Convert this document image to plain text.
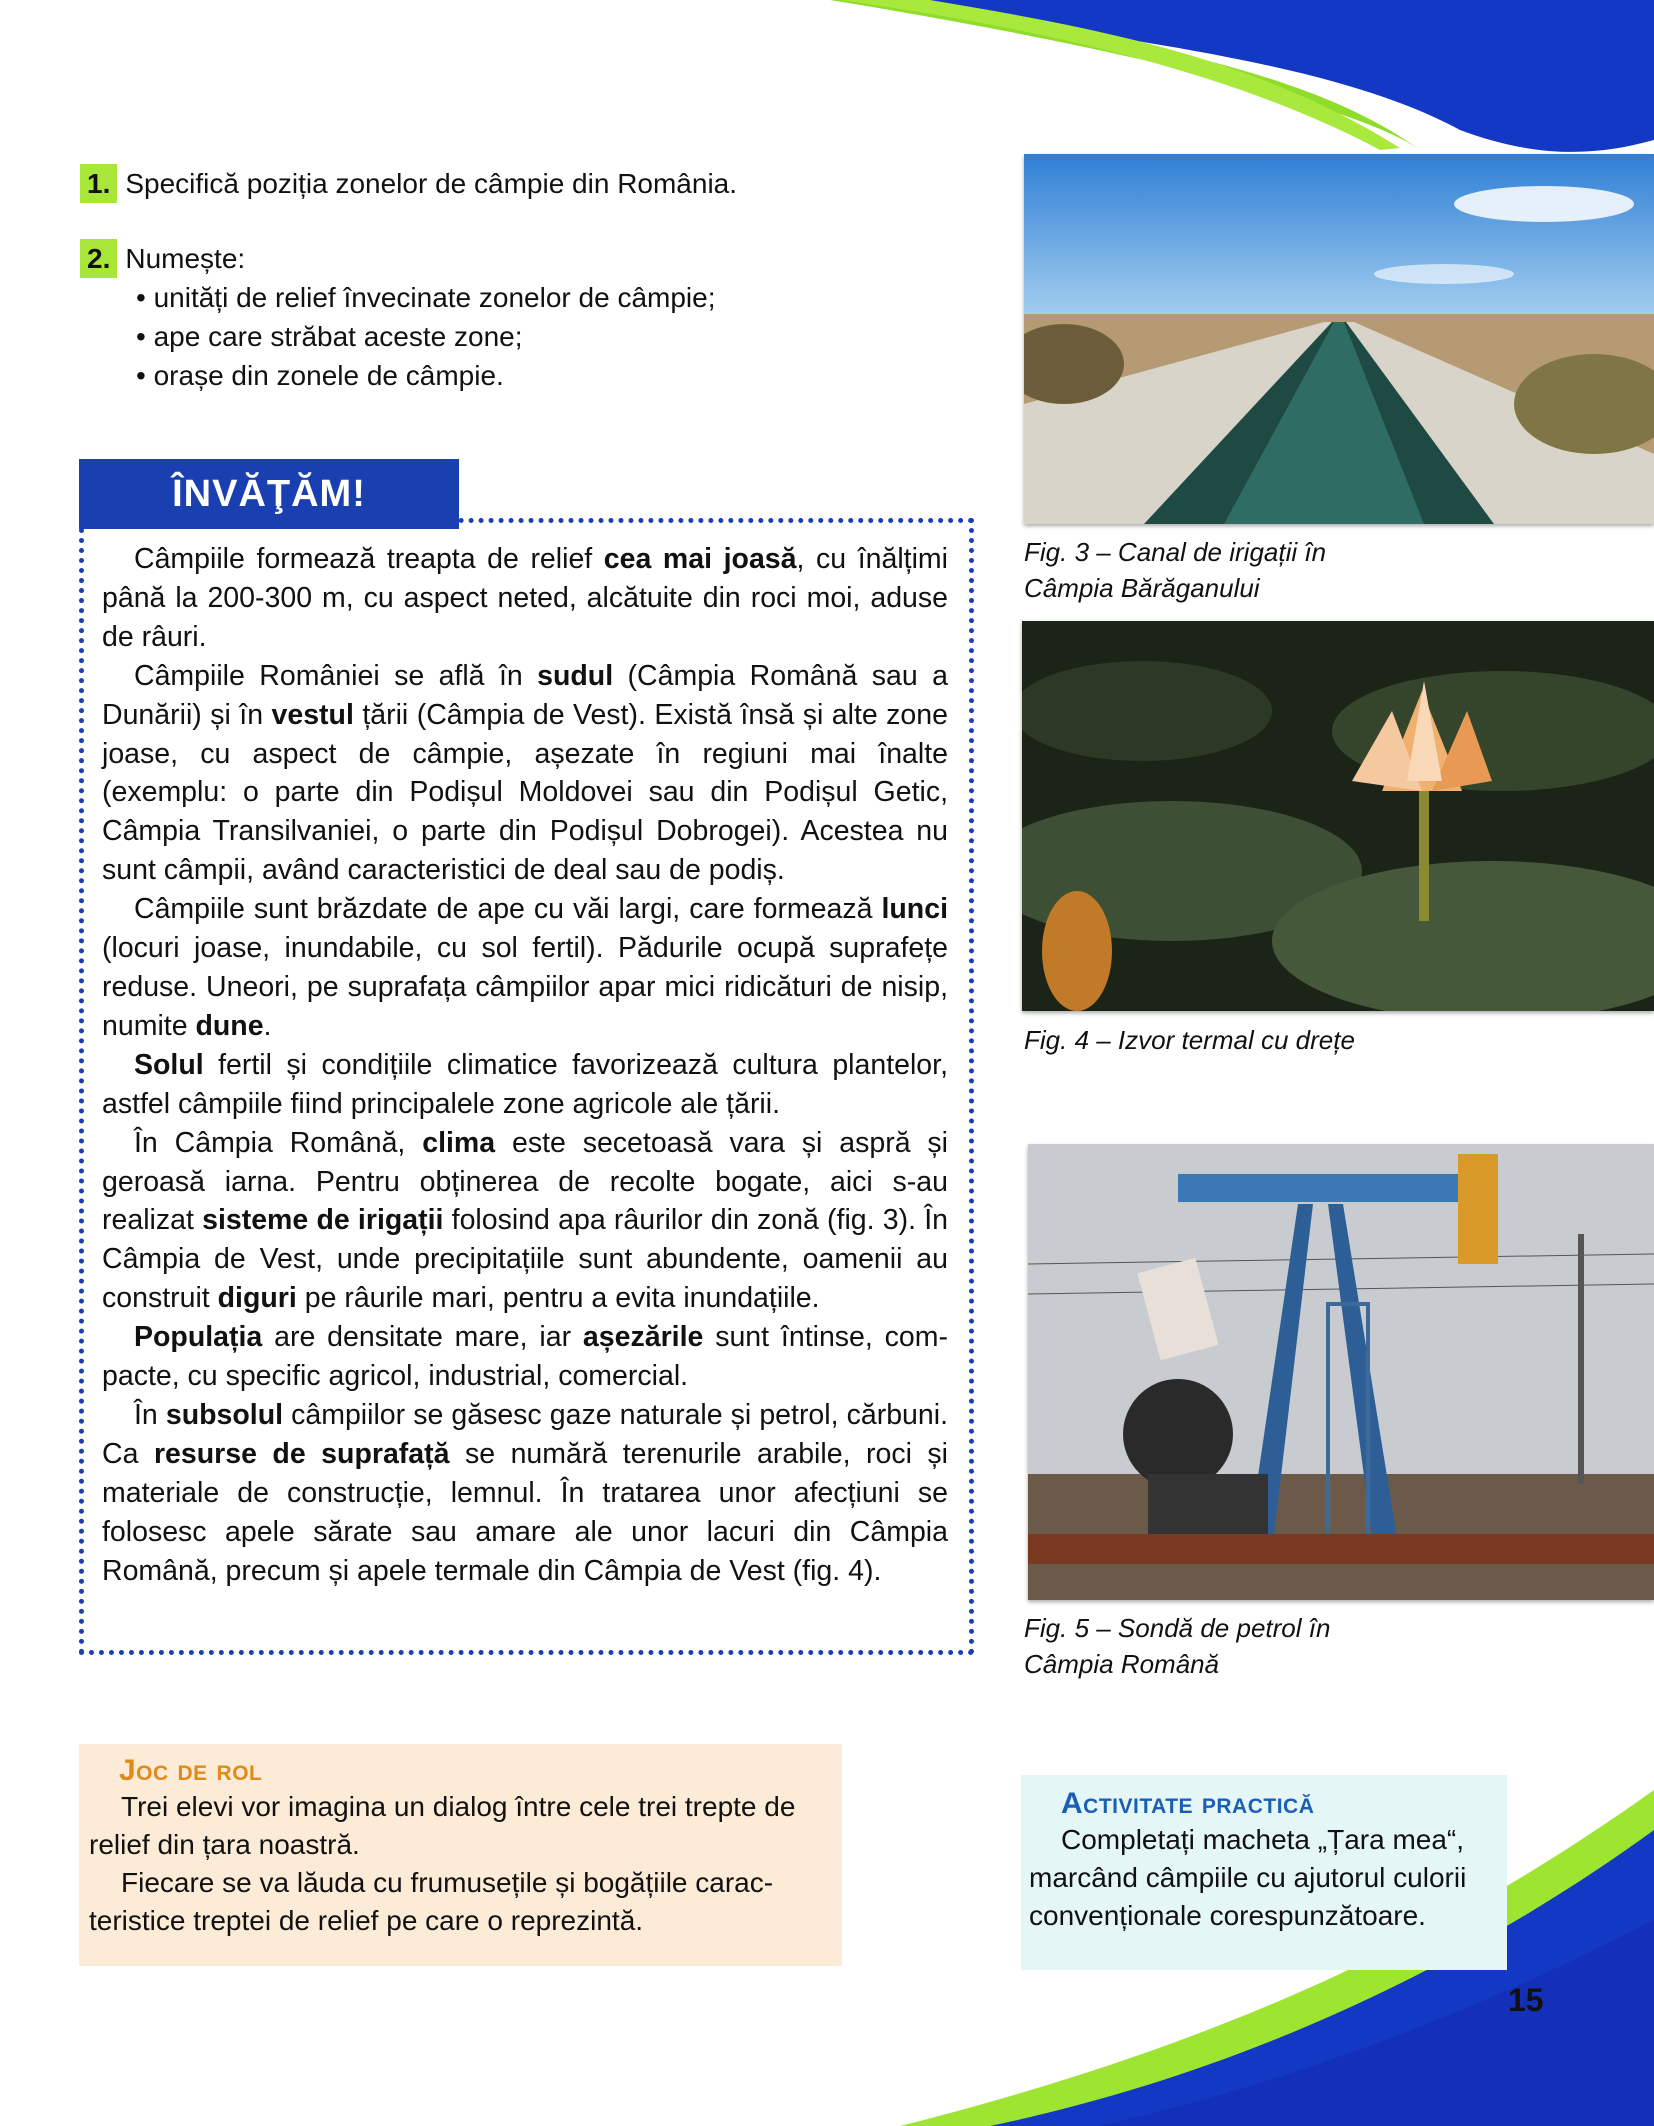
1. Specifică poziția zonelor de câmpie din România.
2. Numește:
• unități de relief învecinate zonelor de câmpie;
• ape care străbat aceste zone;
• orașe din zonele de câmpie.
ÎNVĂŢĂM!

Câmpiile formează treapta de relief cea mai joasă, cu înălțimi până la 200-300 m, cu aspect neted, alcătuite din roci moi, aduse de râuri.

Câmpiile României se află în sudul (Câmpia Română sau a Dunării) și în vestul țării (Câmpia de Vest). Există însă și alte zone joase, cu aspect de câmpie, așezate în regiuni mai înalte (exemplu: o parte din Podișul Moldovei sau din Podișul Getic, Câmpia Transilvaniei, o parte din Podișul Dobrogei). Acestea nu sunt câmpii, având caracteristici de deal sau de podiș.

Câmpiile sunt brăzdate de ape cu văi largi, care formează lunci (locuri joase, inundabile, cu sol fertil). Pădurile ocupă suprafețe reduse. Uneori, pe suprafața câmpiilor apar mici ridicături de nisip, numite dune.

Solul fertil și condițiile climatice favorizează cultura plantelor, astfel câmpiile fiind principalele zone agricole ale țării.

În Câmpia Română, clima este secetoasă vara și aspră și geroasă iarna. Pentru obținerea de recolte bogate, aici s-au realizat sisteme de irigații folosind apa râurilor din zonă (fig. 3). În Câmpia de Vest, unde precipitațiile sunt abundente, oamenii au construit diguri pe râurile mari, pentru a evita inundațiile.

Populația are densitate mare, iar așezările sunt întinse, com-pacte, cu specific agricol, industrial, comercial.

În subsolul câmpiilor se găsesc gaze naturale și petrol, cărbuni. Ca resurse de suprafață se numără terenurile arabile, roci și materiale de construcție, lemnul. În tratarea unor afecțiuni se folosesc apele sărate sau amare ale unor lacuri din Câmpia Română, precum și apele termale din Câmpia de Vest (fig. 4).

Fig. 3 – Canal de irigații în
Câmpia Bărăganului
Fig. 4 – Izvor termal cu drețe
Fig. 5 – Sondă de petrol în
Câmpia Română
Joc de rol

Trei elevi vor imagina un dialog între cele trei trepte de relief din țara noastră.

Fiecare se va lăuda cu frumusețile și bogățiile carac-teristice treptei de relief pe care o reprezintă.

Activitate practică

Completați macheta „Țara mea“, marcând câmpiile cu ajutorul culorii convenționale corespunzătoare.

15
